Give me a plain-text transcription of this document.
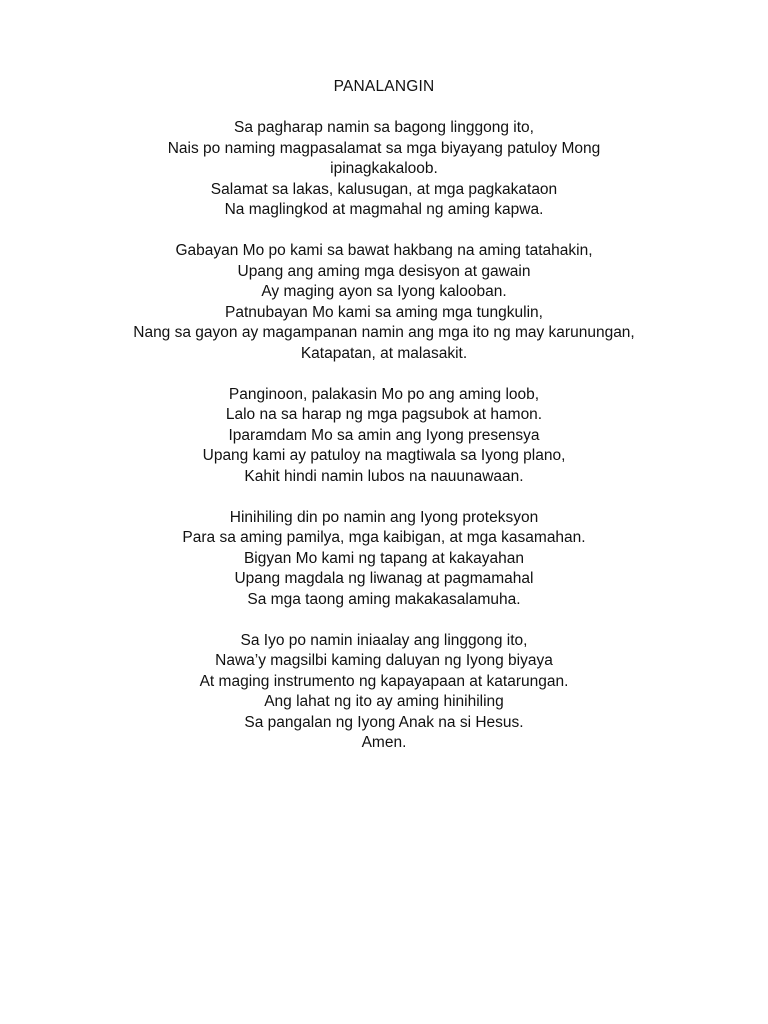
PANALANGIN
Sa pagharap namin sa bagong linggong ito,
Nais po naming magpasalamat sa mga biyayang patuloy Mong
ipinagkakaloob.
Salamat sa lakas, kalusugan, at mga pagkakataon
Na maglingkod at magmahal ng aming kapwa.
Gabayan Mo po kami sa bawat hakbang na aming tatahakin,
Upang ang aming mga desisyon at gawain
Ay maging ayon sa Iyong kalooban.
Patnubayan Mo kami sa aming mga tungkulin,
Nang sa gayon ay magampanan namin ang mga ito ng may karunungan,
Katapatan, at malasakit.
Panginoon, palakasin Mo po ang aming loob,
Lalo na sa harap ng mga pagsubok at hamon.
Iparamdam Mo sa amin ang Iyong presensya
Upang kami ay patuloy na magtiwala sa Iyong plano,
Kahit hindi namin lubos na nauunawaan.
Hinihiling din po namin ang Iyong proteksyon
Para sa aming pamilya, mga kaibigan, at mga kasamahan.
Bigyan Mo kami ng tapang at kakayahan
Upang magdala ng liwanag at pagmamahal
Sa mga taong aming makakasalamuha.
Sa Iyo po namin iniaalay ang linggong ito,
Nawa’y magsilbi kaming daluyan ng Iyong biyaya
At maging instrumento ng kapayapaan at katarungan.
Ang lahat ng ito ay aming hinihiling
Sa pangalan ng Iyong Anak na si Hesus.
Amen.
